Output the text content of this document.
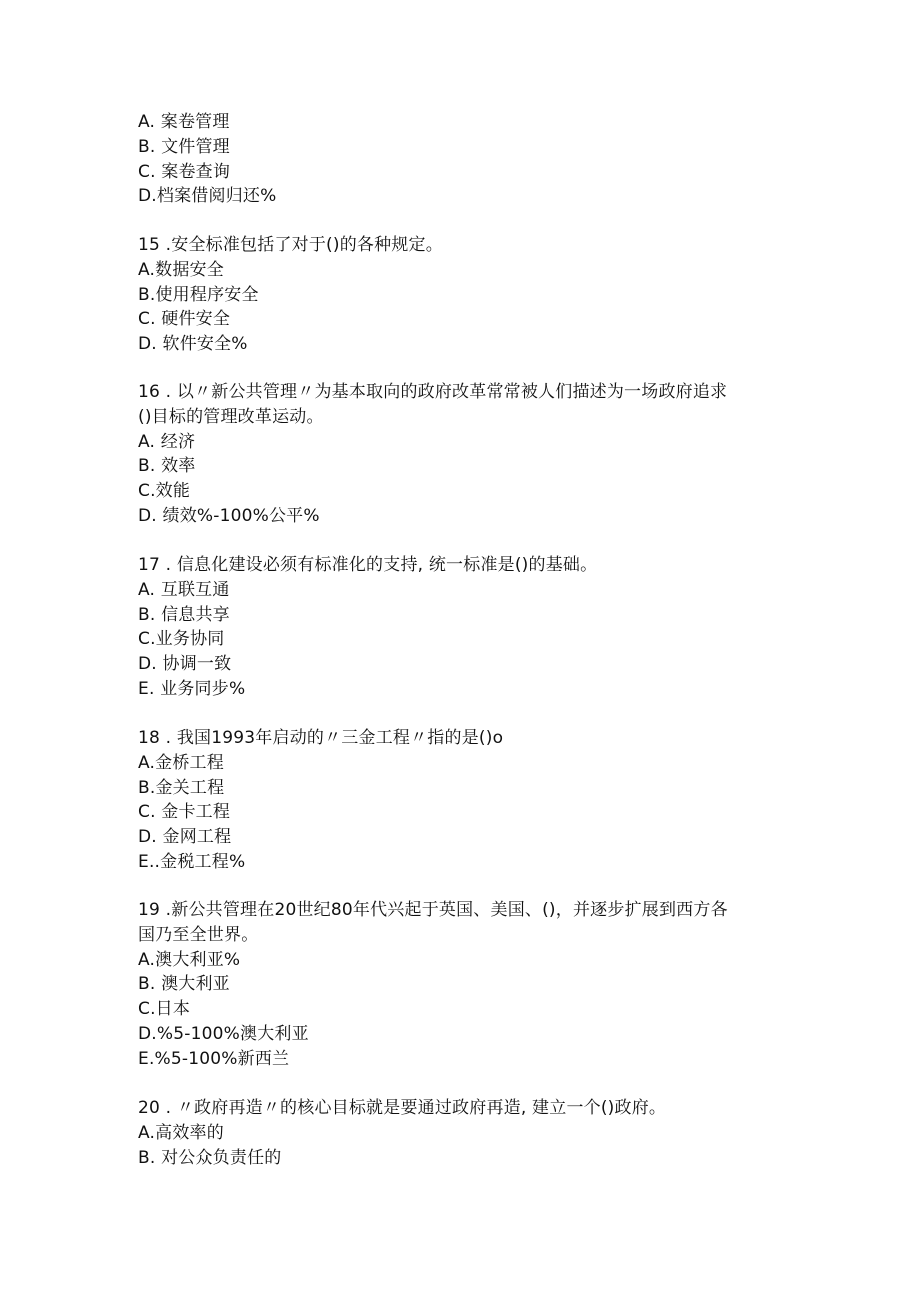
A. 案卷管理
B. 文件管理
C. 案卷查询
D.档案借阅归还%
15 .安全标准包括了对于()的各种规定。
A.数据安全
B.使用程序安全
C. 硬件安全
D. 软件安全%
16 . 以〃新公共管理〃为基本取向的政府改革常常被人们描述为一场政府追求
()目标的管理改革运动。
A. 经济
B. 效率
C.效能
D. 绩效%-100%公平%
17 . 信息化建设必须有标准化的支持, 统一标准是()的基础。
A. 互联互通
B. 信息共享
C.业务协同
D. 协调一致
E. 业务同步%
18 . 我国1993年启动的〃三金工程〃指的是()o
A.金桥工程
B.金关工程
C. 金卡工程
D. 金网工程
E..金税工程%
19 .新公共管理在20世纪80年代兴起于英国、美国、()，并逐步扩展到西方各
国乃至全世界。
A.澳大利亚%
B. 澳大利亚
C.日本
D.%5-100%澳大利亚
E.%5-100%新西兰
20 . 〃政府再造〃的核心目标就是要通过政府再造, 建立一个()政府。
A.高效率的
B. 对公众负责任的
